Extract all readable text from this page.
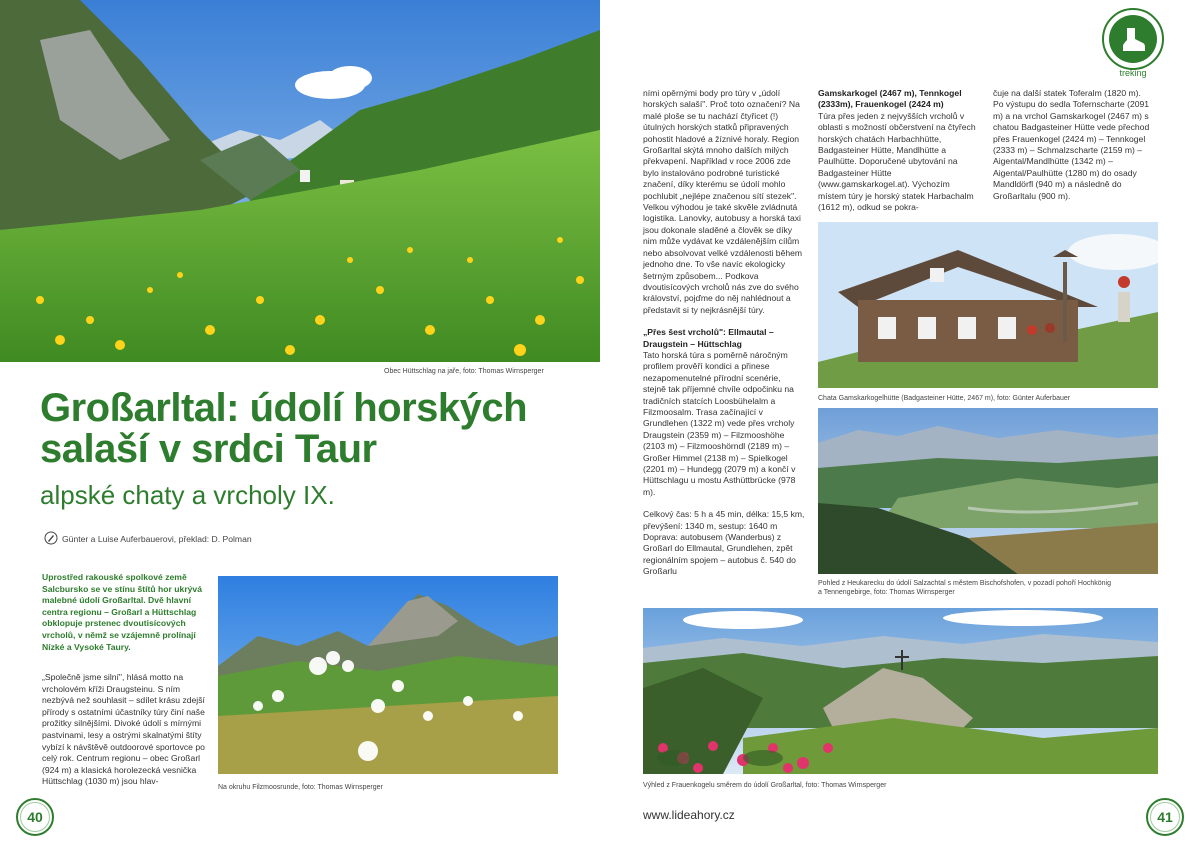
Obec Hüttschlag na jaře, foto: Thomas Wirnsperger
Großarltal: údolí horských salaší v srdci Taur
alpské chaty a vrcholy IX.
Günter a Luise Auferbauerovi, překlad: D. Polman
Uprostřed rakouské spolkové země Salcbursko se ve stínu štítů hor ukrývá malebné údolí Großarltal. Dvě hlavní centra regionu – Großarl a Hüttschlag obklopuje prstenec dvoutisícových vrcholů, v němž se vzájemně prolínají Nízké a Vysoké Taury.
„Společně jsme silní", hlásá motto na vrcholovém kříži Draugsteinu. S ním nezbývá než souhlasit – sdílet krásu zdejší přírody s ostatními účastníky túry činí naše prožitky silnějšími. Divoké údolí s mírnými pastvinami, lesy a ostrými skalnatými štíty vybízí k návštěvě outdoorové sportovce po celý rok. Centrum regionu – obec Großarl (924 m) a klasická horolezecká vesnička Hüttschlag (1030 m) jsou hlav-
Na okruhu Filzmoosrunde, foto: Thomas Wirnsperger
40

ními opěrnými body pro túry v „údolí horských salaší". Proč toto označení? Na malé ploše se tu nachází čtyřicet (!) útulných horských statků připravených pohostit hladové a žíznivé horaly. Region Großarltal skýtá mnoho dalších milých překvapení. Například v roce 2006 zde bylo instalováno podrobné turistické značení, díky kterému se údolí mohlo pochlubit „nejlépe značenou sítí stezek". Velkou výhodou je také skvěle zvládnutá logistika. Lanovky, autobusy a horská taxi jsou dokonale sladěné a člověk se díky nim může vydávat ke vzdálenějším cílům nebo absolvovat velké vzdálenosti během jednoho dne. To vše navíc ekologicky šetrným způsobem... Podkova dvoutisícových vrcholů nás zve do svého království, pojďme do něj nahlédnout a představit si ty nejkrásnější túry.

„Přes šest vrcholů": Ellmautal – Draugstein – Hüttschlag
Tato horská túra s poměrně náročným profilem prověří kondici a přinese nezapomenutelné přírodní scenérie, stejně tak příjemné chvíle odpočinku na tradičních statcích Loosbühelalm a Filzmoosalm. Trasa začínající v Grundlehen (1322 m) vede přes vrcholy Draugstein (2359 m) – Filzmooshöhe (2103 m) – Filzmooshörndl (2189 m) – Großer Himmel (2138 m) – Spielkogel (2201 m) – Hundegg (2079 m) a končí v Hüttschlagu u mostu Asthüttbrücke (978 m).

Celkový čas: 5 h a 45 min, délka: 15,5 km, převýšení: 1340 m, sestup: 1640 m Doprava: autobusem (Wanderbus) z Großarl do Ellmautal, Grundlehen, zpět regionálním spojem – autobus č. 540 do Großarlu

Gamskarkogel (2467 m), Tennkogel (2333m), Frauenkogel (2424 m)
Túra přes jeden z nejvyšších vrcholů v oblasti s možností občerstvení na čtyřech horských chatách Harbachhütte, Badgasteiner Hütte, Mandlhütte a Paulhütte. Doporučené ubytování na Badgasteiner Hütte (www.gamskarkogel.at). Výchozím místem túry je horský statek Harbachalm (1612 m), odkud se pokra-
čuje na další statek Toferalm (1820 m). Po výstupu do sedla Tofernscharte (2091 m) a na vrchol Gamskarkogel (2467 m) s chatou Badgasteiner Hütte vede přechod přes Frauenkogel (2424 m) – Tennkogel (2333 m) – Schmalzscharte (2159 m) – Aigental/Mandlhütte (1342 m) – Aigental/Paulhütte (1280 m) do osady Mandldörfl (940 m) a následně do Großarltalu (900 m).
treking
Chata Gamskarkogelhütte (Badgasteiner Hütte, 2467 m), foto: Günter Auferbauer
Pohled z Heukarecku do údolí Salzachtal s městem Bischofshofen, v pozadí pohoří Hochkönig
a Tennengebirge, foto: Thomas Wirnsperger
Výhled z Frauenkogelu směrem do údolí Großarltal, foto: Thomas Wirnsperger
www.lideahory.cz	41
